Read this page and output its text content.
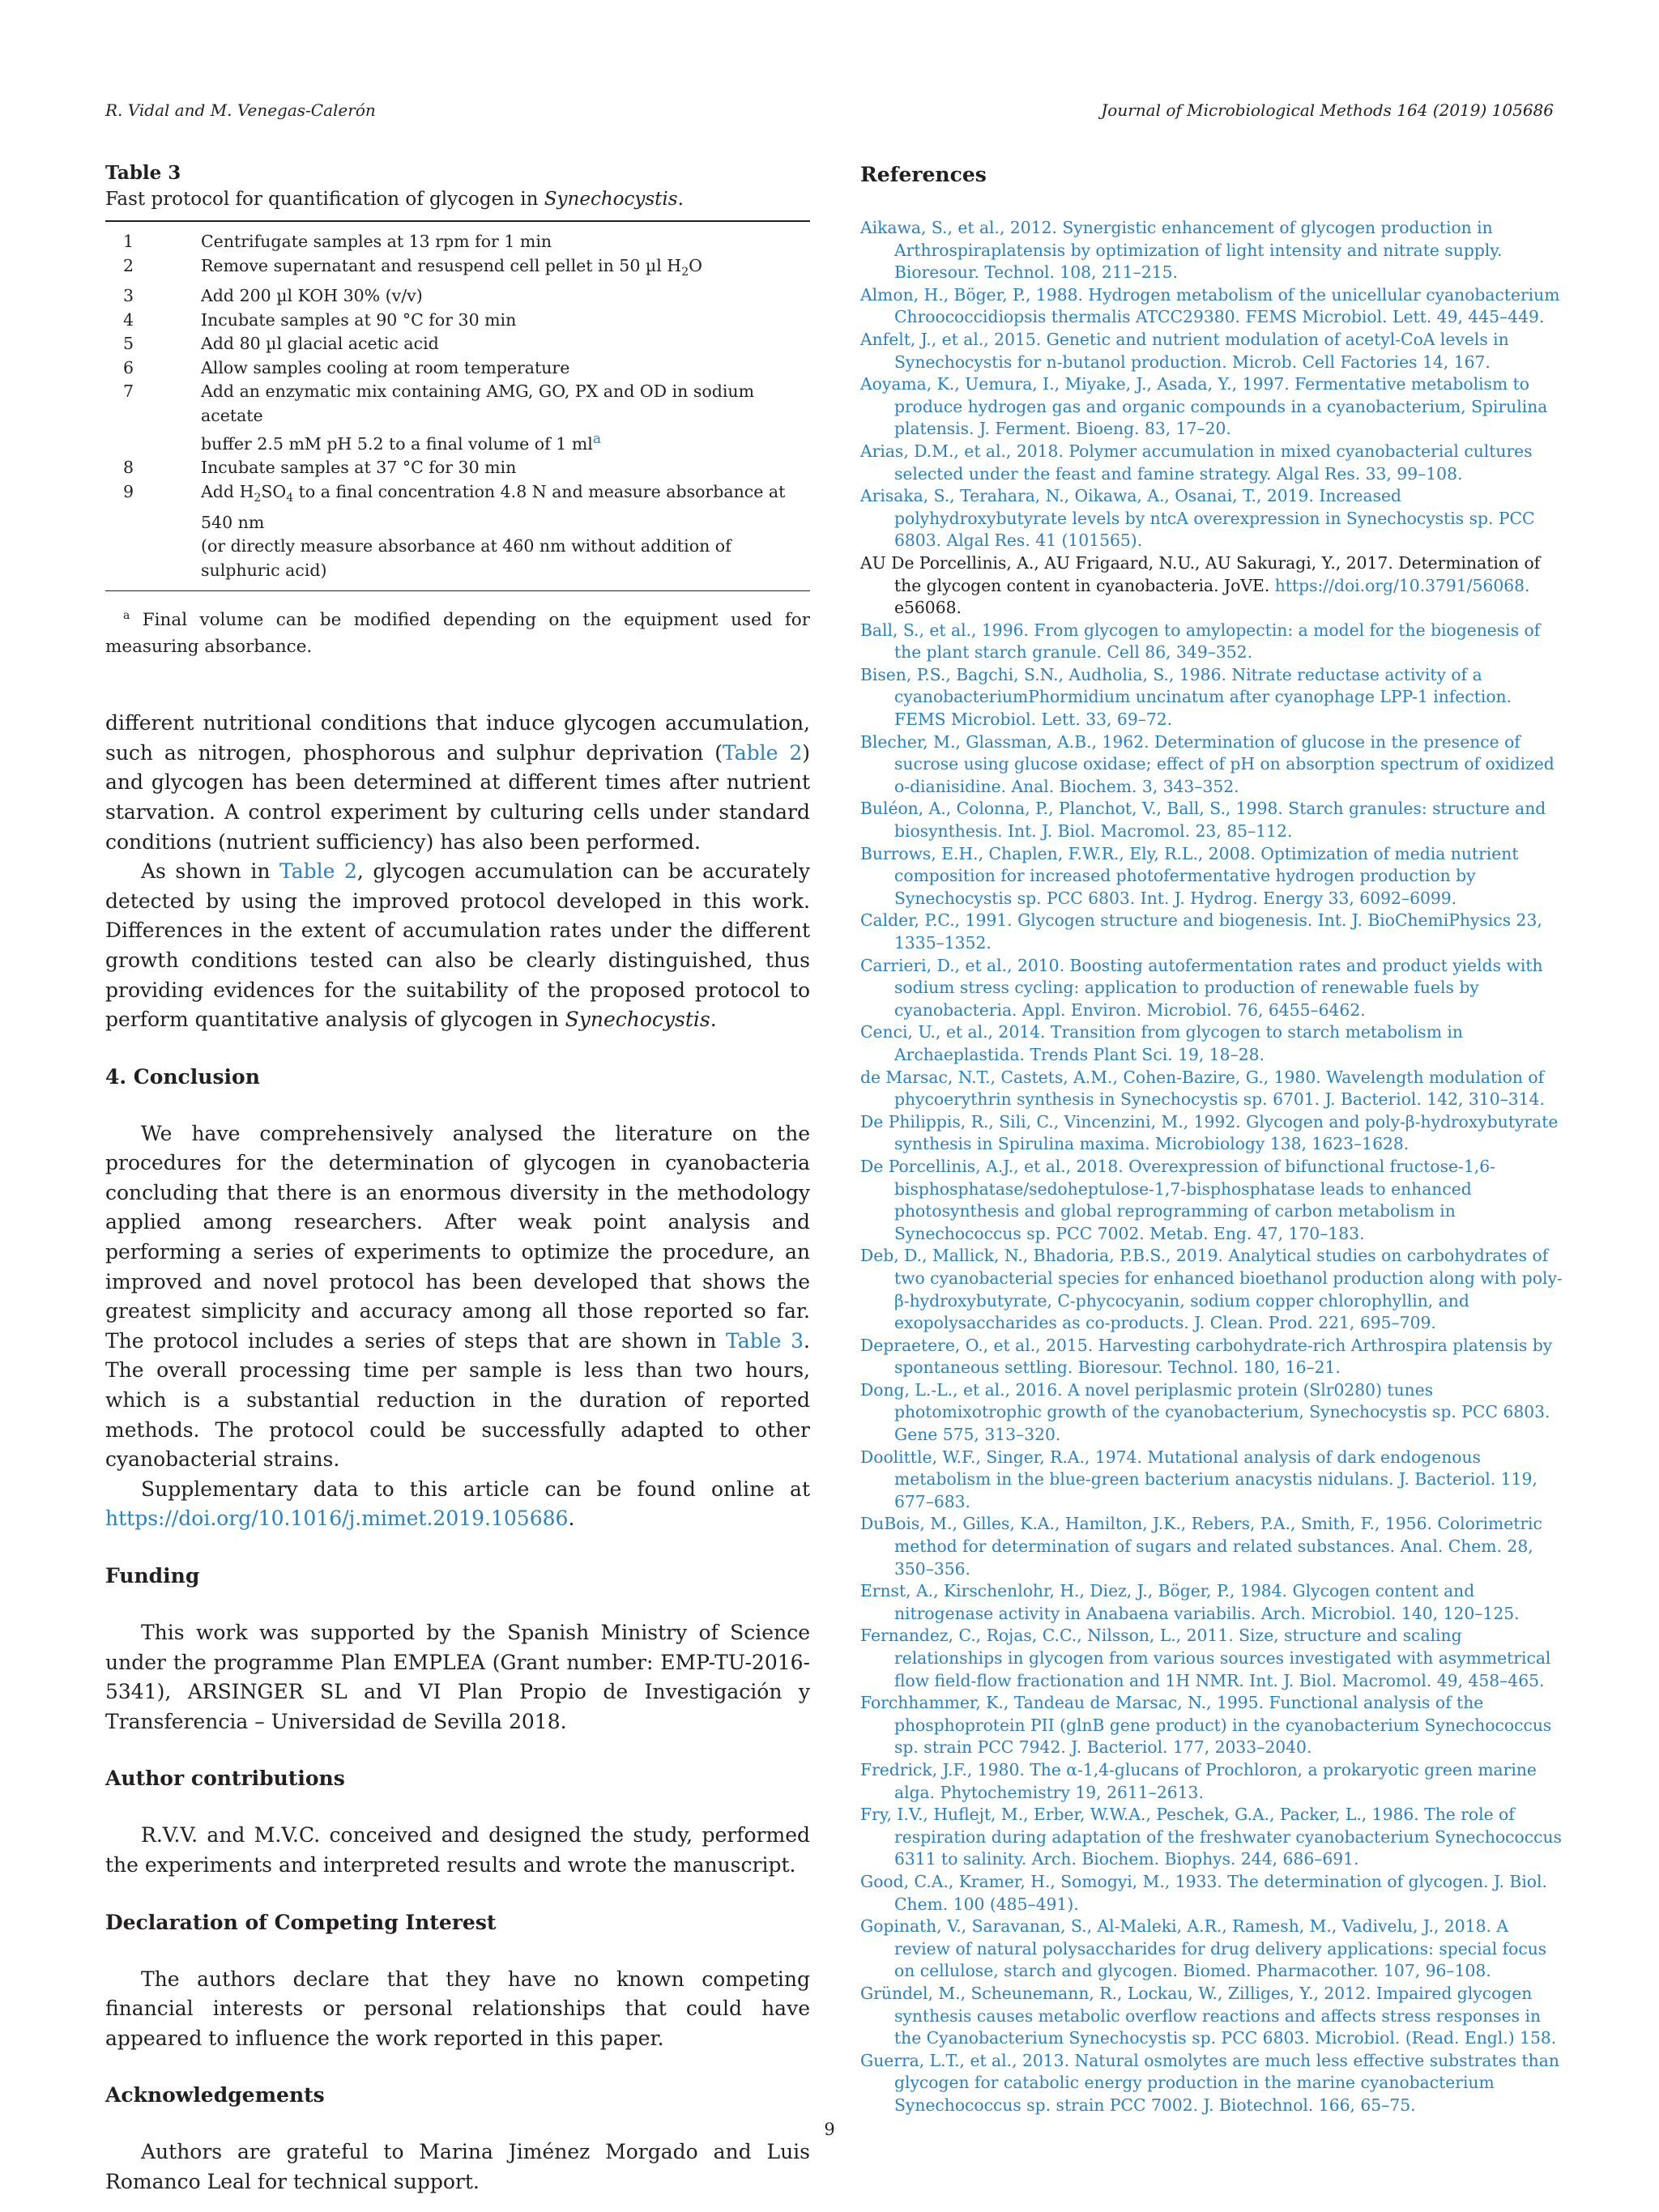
R. Vidal and M. Venegas-Calerón	Journal of Microbiological Methods 164 (2019) 105686

Table 3

Fast protocol for quantification of glycogen in Synechocystis.

1	Centrifugate samples at 13 rpm for 1 min
2	Remove supernatant and resuspend cell pellet in 50 µl $H_2O$
3	Add 200 µl KOH 30% (v/v)
4	Incubate samples at 90 °C for 30 min
5	Add 80 µl glacial acetic acid
6	Allow samples cooling at room temperature
7	Add an enzymatic mix containing AMG, GO, PX and OD in sodium acetate
buffer 2.5 mM pH 5.2 to a final volume of 1 $ml^a$
8	Incubate samples at 37 °C for 30 min
9	Add $H_2SO_4$ to a final concentration 4.8 N and measure absorbance at 540 nm
(or directly measure absorbance at 460 nm without addition of sulphuric acid)
$^a$ Final volume can be modified depending on the equipment used for measuring absorbance.

different nutritional conditions that induce glycogen accumulation, such as nitrogen, phosphorous and sulphur deprivation (Table 2) and glycogen has been determined at different times after nutrient starvation. A control experiment by culturing cells under standard conditions (nutrient sufficiency) has also been performed.

As shown in Table 2, glycogen accumulation can be accurately detected by using the improved protocol developed in this work. Differences in the extent of accumulation rates under the different growth conditions tested can also be clearly distinguished, thus providing evidences for the suitability of the proposed protocol to perform quantitative analysis of glycogen in Synechocystis.

4. Conclusion

We have comprehensively analysed the literature on the procedures for the determination of glycogen in cyanobacteria concluding that there is an enormous diversity in the methodology applied among researchers. After weak point analysis and performing a series of experiments to optimize the procedure, an improved and novel protocol has been developed that shows the greatest simplicity and accuracy among all those reported so far. The protocol includes a series of steps that are shown in Table 3. The overall processing time per sample is less than two hours, which is a substantial reduction in the duration of reported methods. The protocol could be successfully adapted to other cyanobacterial strains.

Supplementary data to this article can be found online at https://doi.org/10.1016/j.mimet.2019.105686.

Funding

This work was supported by the Spanish Ministry of Science under the programme Plan EMPLEA (Grant number: EMP-TU-2016-5341), ARSINGER SL and VI Plan Propio de Investigación y Transferencia – Universidad de Sevilla 2018.

Author contributions

R.V.V. and M.V.C. conceived and designed the study, performed the experiments and interpreted results and wrote the manuscript.

Declaration of Competing Interest

The authors declare that they have no known competing financial interests or personal relationships that could have appeared to influence the work reported in this paper.

Acknowledgements

Authors are grateful to Marina Jiménez Morgado and Luis Romanco Leal for technical support.

References

Aikawa, S., et al., 2012. Synergistic enhancement of glycogen production in Arthrospiraplatensis by optimization of light intensity and nitrate supply. Bioresour. Technol. 108, 211–215.
Almon, H., Böger, P., 1988. Hydrogen metabolism of the unicellular cyanobacterium Chroococcidiopsis thermalis ATCC29380. FEMS Microbiol. Lett. 49, 445–449.
Anfelt, J., et al., 2015. Genetic and nutrient modulation of acetyl-CoA levels in Synechocystis for n-butanol production. Microb. Cell Factories 14, 167.
Aoyama, K., Uemura, I., Miyake, J., Asada, Y., 1997. Fermentative metabolism to produce hydrogen gas and organic compounds in a cyanobacterium, Spirulina platensis. J. Ferment. Bioeng. 83, 17–20.
Arias, D.M., et al., 2018. Polymer accumulation in mixed cyanobacterial cultures selected under the feast and famine strategy. Algal Res. 33, 99–108.
Arisaka, S., Terahara, N., Oikawa, A., Osanai, T., 2019. Increased polyhydroxybutyrate levels by ntcA overexpression in Synechocystis sp. PCC 6803. Algal Res. 41 (101565).
AU De Porcellinis, A., AU Frigaard, N.U., AU Sakuragi, Y., 2017. Determination of the glycogen content in cyanobacteria. JoVE. https://doi.org/10.3791/56068. e56068.
Ball, S., et al., 1996. From glycogen to amylopectin: a model for the biogenesis of the plant starch granule. Cell 86, 349–352.
Bisen, P.S., Bagchi, S.N., Audholia, S., 1986. Nitrate reductase activity of a cyanobacteriumPhormidium uncinatum after cyanophage LPP-1 infection. FEMS Microbiol. Lett. 33, 69–72.
Blecher, M., Glassman, A.B., 1962. Determination of glucose in the presence of sucrose using glucose oxidase; effect of pH on absorption spectrum of oxidized o-dianisidine. Anal. Biochem. 3, 343–352.
Buléon, A., Colonna, P., Planchot, V., Ball, S., 1998. Starch granules: structure and biosynthesis. Int. J. Biol. Macromol. 23, 85–112.
Burrows, E.H., Chaplen, F.W.R., Ely, R.L., 2008. Optimization of media nutrient composition for increased photofermentative hydrogen production by Synechocystis sp. PCC 6803. Int. J. Hydrog. Energy 33, 6092–6099.
Calder, P.C., 1991. Glycogen structure and biogenesis. Int. J. BioChemiPhysics 23, 1335–1352.
Carrieri, D., et al., 2010. Boosting autofermentation rates and product yields with sodium stress cycling: application to production of renewable fuels by cyanobacteria. Appl. Environ. Microbiol. 76, 6455–6462.
Cenci, U., et al., 2014. Transition from glycogen to starch metabolism in Archaeplastida. Trends Plant Sci. 19, 18–28.
de Marsac, N.T., Castets, A.M., Cohen-Bazire, G., 1980. Wavelength modulation of phycoerythrin synthesis in Synechocystis sp. 6701. J. Bacteriol. 142, 310–314.
De Philippis, R., Sili, C., Vincenzini, M., 1992. Glycogen and poly-β-hydroxybutyrate synthesis in Spirulina maxima. Microbiology 138, 1623–1628.
De Porcellinis, A.J., et al., 2018. Overexpression of bifunctional fructose-1,6-bisphosphatase/sedoheptulose-1,7-bisphosphatase leads to enhanced photosynthesis and global reprogramming of carbon metabolism in Synechococcus sp. PCC 7002. Metab. Eng. 47, 170–183.
Deb, D., Mallick, N., Bhadoria, P.B.S., 2019. Analytical studies on carbohydrates of two cyanobacterial species for enhanced bioethanol production along with poly-β-hydroxybutyrate, C-phycocyanin, sodium copper chlorophyllin, and exopolysaccharides as co-products. J. Clean. Prod. 221, 695–709.
Depraetere, O., et al., 2015. Harvesting carbohydrate-rich Arthrospira platensis by spontaneous settling. Bioresour. Technol. 180, 16–21.
Dong, L.-L., et al., 2016. A novel periplasmic protein (Slr0280) tunes photomixotrophic growth of the cyanobacterium, Synechocystis sp. PCC 6803. Gene 575, 313–320.
Doolittle, W.F., Singer, R.A., 1974. Mutational analysis of dark endogenous metabolism in the blue-green bacterium anacystis nidulans. J. Bacteriol. 119, 677–683.
DuBois, M., Gilles, K.A., Hamilton, J.K., Rebers, P.A., Smith, F., 1956. Colorimetric method for determination of sugars and related substances. Anal. Chem. 28, 350–356.
Ernst, A., Kirschenlohr, H., Diez, J., Böger, P., 1984. Glycogen content and nitrogenase activity in Anabaena variabilis. Arch. Microbiol. 140, 120–125.
Fernandez, C., Rojas, C.C., Nilsson, L., 2011. Size, structure and scaling relationships in glycogen from various sources investigated with asymmetrical flow field-flow fractionation and 1H NMR. Int. J. Biol. Macromol. 49, 458–465.
Forchhammer, K., Tandeau de Marsac, N., 1995. Functional analysis of the phosphoprotein PII (glnB gene product) in the cyanobacterium Synechococcus sp. strain PCC 7942. J. Bacteriol. 177, 2033–2040.
Fredrick, J.F., 1980. The α-1,4-glucans of Prochloron, a prokaryotic green marine alga. Phytochemistry 19, 2611–2613.
Fry, I.V., Huflejt, M., Erber, W.W.A., Peschek, G.A., Packer, L., 1986. The role of respiration during adaptation of the freshwater cyanobacterium Synechococcus 6311 to salinity. Arch. Biochem. Biophys. 244, 686–691.
Good, C.A., Kramer, H., Somogyi, M., 1933. The determination of glycogen. J. Biol. Chem. 100 (485–491).
Gopinath, V., Saravanan, S., Al-Maleki, A.R., Ramesh, M., Vadivelu, J., 2018. A review of natural polysaccharides for drug delivery applications: special focus on cellulose, starch and glycogen. Biomed. Pharmacother. 107, 96–108.
Gründel, M., Scheunemann, R., Lockau, W., Zilliges, Y., 2012. Impaired glycogen synthesis causes metabolic overflow reactions and affects stress responses in the Cyanobacterium Synechocystis sp. PCC 6803. Microbiol. (Read. Engl.) 158.
Guerra, L.T., et al., 2013. Natural osmolytes are much less effective substrates than glycogen for catabolic energy production in the marine cyanobacterium Synechococcus sp. strain PCC 7002. J. Biotechnol. 166, 65–75.
9
